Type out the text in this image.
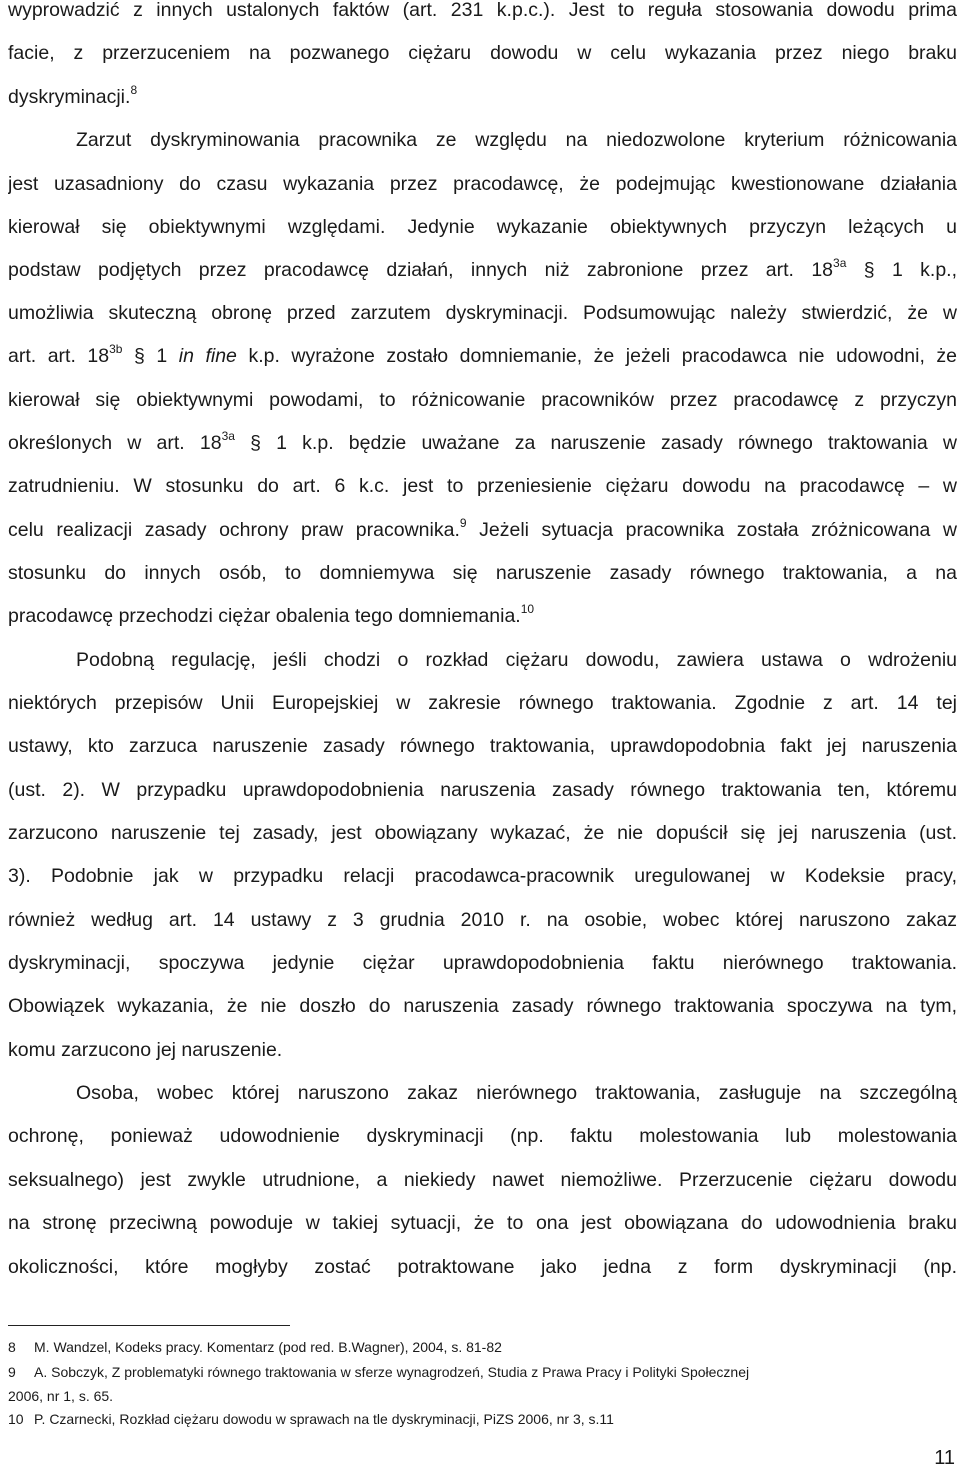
wyprowadzić z innych ustalonych faktów (art. 231 k.p.c.). Jest to reguła stosowania dowodu prima
facie, z przerzuceniem na pozwanego ciężaru dowodu w celu wykazania przez niego braku
dyskryminacji.$^8$
Zarzut dyskryminowania pracownika ze względu na niedozwolone kryterium różnicowania
jest uzasadniony do czasu wykazania przez pracodawcę, że podejmując kwestionowane działania
kierował się obiektywnymi względami. Jedynie wykazanie obiektywnych przyczyn leżących u
podstaw podjętych przez pracodawcę działań, innych niż zabronione przez art. $18^{3a}$ § 1 k.p.,
umożliwia skuteczną obronę przed zarzutem dyskryminacji. Podsumowując należy stwierdzić, że w
art. art. $18^{3b}$ § 1 in fine k.p. wyrażone zostało domniemanie, że jeżeli pracodawca nie udowodni, że
kierował się obiektywnymi powodami, to różnicowanie pracowników przez pracodawcę z przyczyn
określonych w art. $18^{3a}$ § 1 k.p. będzie uważane za naruszenie zasady równego traktowania w
zatrudnieniu. W stosunku do art. 6 k.c. jest to przeniesienie ciężaru dowodu na pracodawcę – w
celu realizacji zasady ochrony praw pracownika.$^9$ Jeżeli sytuacja pracownika została zróżnicowana w
stosunku do innych osób, to domniemywa się naruszenie zasady równego traktowania, a na
pracodawcę przechodzi ciężar obalenia tego domniemania.$^{10}$
Podobną regulację, jeśli chodzi o rozkład ciężaru dowodu, zawiera ustawa o wdrożeniu
niektórych przepisów Unii Europejskiej w zakresie równego traktowania. Zgodnie z art. 14 tej
ustawy, kto zarzuca naruszenie zasady równego traktowania, uprawdopodobnia fakt jej naruszenia
(ust. 2). W przypadku uprawdopodobnienia naruszenia zasady równego traktowania ten, któremu
zarzucono naruszenie tej zasady, jest obowiązany wykazać, że nie dopuścił się jej naruszenia (ust.
3). Podobnie jak w przypadku relacji pracodawca-pracownik uregulowanej w Kodeksie pracy,
również według art. 14 ustawy z 3 grudnia 2010 r. na osobie, wobec której naruszono zakaz
dyskryminacji, spoczywa jedynie ciężar uprawdopodobnienia faktu nierównego traktowania.
Obowiązek wykazania, że nie doszło do naruszenia zasady równego traktowania spoczywa na tym,
komu zarzucono jej naruszenie.
Osoba, wobec której naruszono zakaz nierównego traktowania, zasługuje na szczególną
ochronę, ponieważ udowodnienie dyskryminacji (np. faktu molestowania lub molestowania
seksualnego) jest zwykle utrudnione, a niekiedy nawet niemożliwe. Przerzucenie ciężaru dowodu
na stronę przeciwną powoduje w takiej sytuacji, że to ona jest obowiązana do udowodnienia braku
okoliczności, które mogłyby zostać potraktowane jako jedna z form dyskryminacji (np.
8 M. Wandzel, Kodeks pracy. Komentarz (pod red. B.Wagner), 2004, s. 81-82
9 A. Sobczyk, Z problematyki równego traktowania w sferze wynagrodzeń, Studia z Prawa Pracy i Polityki Społecznej
2006, nr 1, s. 65.
10 P. Czarnecki, Rozkład ciężaru dowodu w sprawach na tle dyskryminacji, PiZS 2006, nr 3, s.11
11
